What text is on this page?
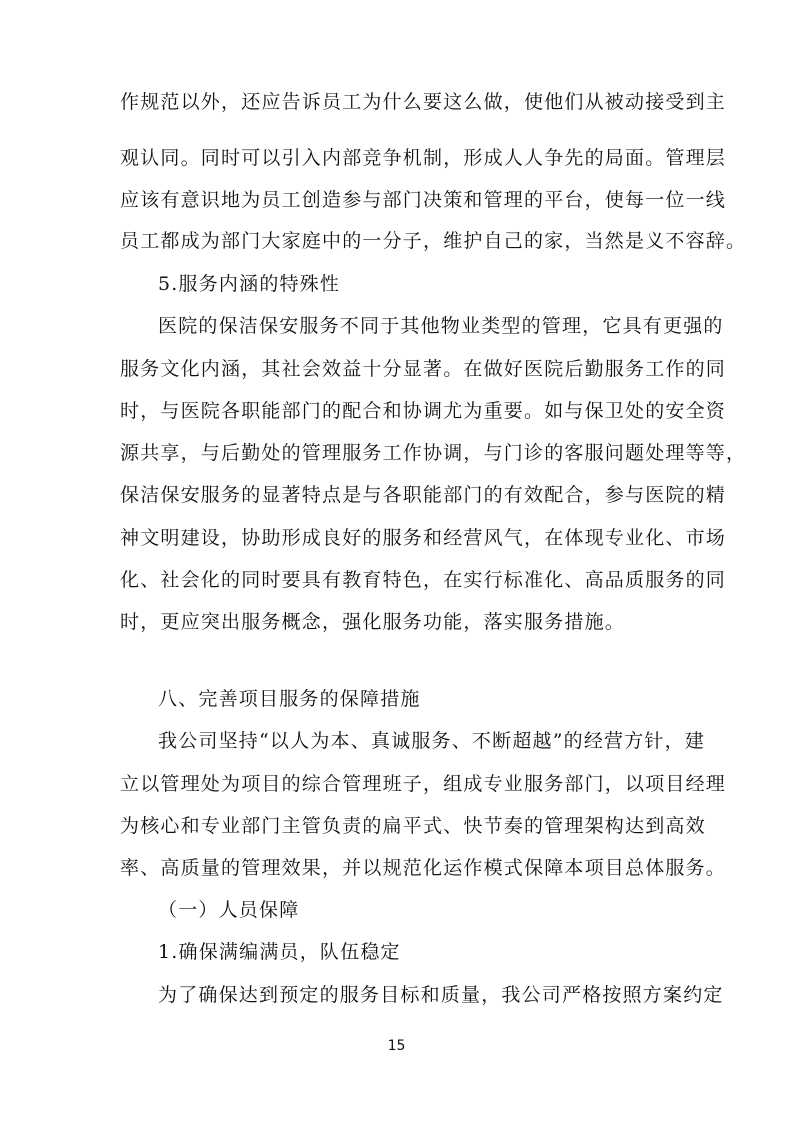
作规范以外，还应告诉员工为什么要这么做，使他们从被动接受到主
观认同。同时可以引入内部竞争机制，形成人人争先的局面。管理层
应该有意识地为员工创造参与部门决策和管理的平台，使每一位一线
员工都成为部门大家庭中的一分子，维护自己的家，当然是义不容辞。
5.服务内涵的特殊性
医院的保洁保安服务不同于其他物业类型的管理，它具有更强的
服务文化内涵，其社会效益十分显著。在做好医院后勤服务工作的同
时，与医院各职能部门的配合和协调尤为重要。如与保卫处的安全资
源共享，与后勤处的管理服务工作协调，与门诊的客服问题处理等等，
保洁保安服务的显著特点是与各职能部门的有效配合，参与医院的精
神文明建设，协助形成良好的服务和经营风气，在体现专业化、市场
化、社会化的同时要具有教育特色，在实行标准化、高品质服务的同
时，更应突出服务概念，强化服务功能，落实服务措施。
八、完善项目服务的保障措施
我公司坚持“以人为本、真诚服务、不断超越”的经营方针，建
立以管理处为项目的综合管理班子，组成专业服务部门，以项目经理
为核心和专业部门主管负责的扁平式、快节奏的管理架构达到高效
率、高质量的管理效果，并以规范化运作模式保障本项目总体服务。
（一）人员保障
1.确保满编满员，队伍稳定
为了确保达到预定的服务目标和质量，我公司严格按照方案约定
15
